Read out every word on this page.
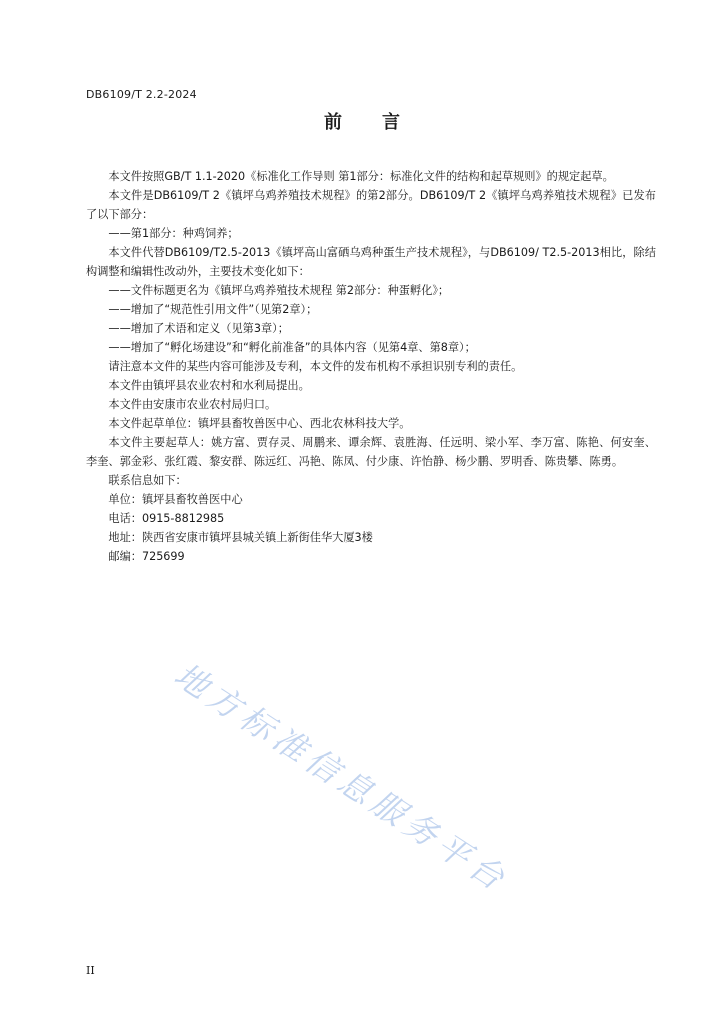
DB6109/T 2.2-2024
前 言

本文件按照GB/T 1.1-2020《标准化工作导则 第1部分：标准化文件的结构和起草规则》的规定起草。

本文件是DB6109/T 2《镇坪乌鸡养殖技术规程》的第2部分。DB6109/T 2《镇坪乌鸡养殖技术规程》已发布了以下部分：

——第1部分：种鸡饲养；

本文件代替DB6109/T2.5-2013《镇坪高山富硒乌鸡种蛋生产技术规程》，与DB6109/ T2.5-2013相比，除结构调整和编辑性改动外，主要技术变化如下：

——文件标题更名为《镇坪乌鸡养殖技术规程 第2部分：种蛋孵化》；

——增加了“规范性引用文件”（见第2章）；

——增加了术语和定义（见第3章）；

——增加了“孵化场建设”和“孵化前准备”的具体内容（见第4章、第8章）；

请注意本文件的某些内容可能涉及专利，本文件的发布机构不承担识别专利的责任。

本文件由镇坪县农业农村和水利局提出。

本文件由安康市农业农村局归口。

本文件起草单位：镇坪县畜牧兽医中心、西北农林科技大学。

本文件主要起草人：姚方富、贾存灵、周鹏来、谭余辉、袁胜海、任远明、梁小军、李万富、陈艳、何安奎、李奎、郭金彩、张红霞、黎安群、陈远红、冯艳、陈凤、付少康、许怡静、杨少鹏、罗明香、陈贵攀、陈勇。

联系信息如下：

单位：镇坪县畜牧兽医中心

电话：0915-8812985

地址：陕西省安康市镇坪县城关镇上新街佳华大厦3楼

邮编：725699

地方标准信息服务平台
II
